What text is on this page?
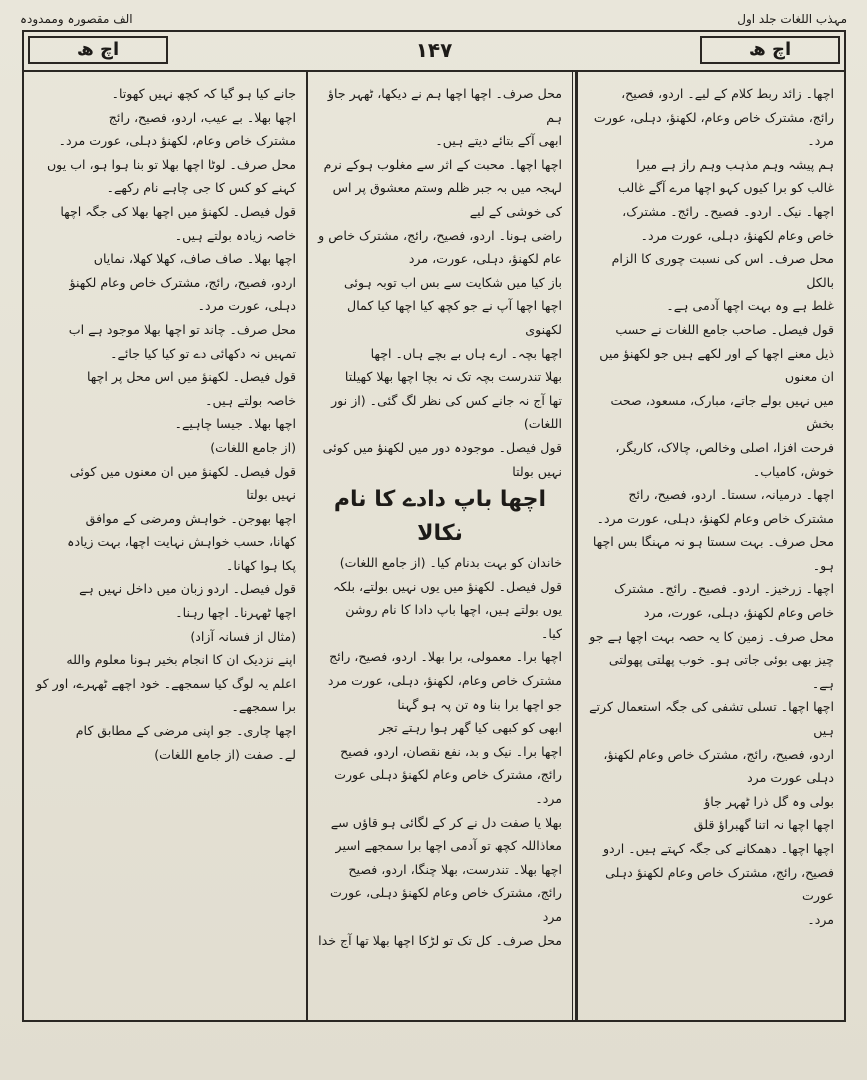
مہذب اللغات جلد اول
الف مقصورہ وممدودہ
اچ ھ
۱۴۷
اچ ھ

اچھا۔ زائد ربط کلام کے لیے۔ اردو، فصیح،

رائج، مشترک خاص وعام، لکھنؤ، دہلی، عورت

مرد۔

ہم پیشہ وہم مذہب وہم راز ہے میرا

غالب کو برا کیوں کہو اچھا مرے آگے غالب

اچھا۔ نیک۔ اردو۔ فصیح۔ رائج۔ مشترک،

خاص وعام لکھنؤ، دہلی، عورت مرد۔

محل صرف۔ اس کی نسبت چوری کا الزام بالکل

غلط ہے وہ بہت اچھا آدمی ہے۔

قول فیصل۔ صاحب جامع اللغات نے حسب

ذیل معنے اچھا کے اور لکھے ہیں جو لکھنؤ میں ان معنوں

میں نہیں بولے جاتے، مبارک، مسعود، صحت بخش

فرحت افزا، اصلی وخالص، چالاک، کاریگر،

خوش، کامیاب۔

اچھا۔ درمیانہ، سستا۔ اردو، فصیح، رائج

مشترک خاص وعام لکھنؤ، دہلی، عورت مرد۔

محل صرف۔ بہت سستا ہو نہ مہنگا بس اچھا ہو۔

اچھا۔ زرخیز۔ اردو۔ فصیح۔ رائج۔ مشترک

خاص وعام لکھنؤ، دہلی، عورت، مرد

محل صرف۔ زمین کا یہ حصہ بہت اچھا ہے جو

چیز بھی بوئی جاتی ہو۔ خوب پھلتی پھولتی ہے۔

اچھا اچھا۔ تسلی تشفی کی جگہ استعمال کرتے ہیں

اردو، فصیح، رائج، مشترک خاص وعام لکھنؤ،

دہلی عورت مرد

بولی وہ گل ذرا ٹھہر جاؤ

اچھا اچھا نہ اتنا گھبراؤ قلق

اچھا اچھا۔ دھمکانے کی جگہ کہتے ہیں۔ اردو

فصیح، رائج، مشترک خاص وعام لکھنؤ دہلی عورت

مرد۔

محل صرف۔ اچھا اچھا ہم نے دیکھا، ٹھہر جاؤ ہم

ابھی آکے بتائے دیتے ہیں۔

اچھا اچھا۔ محبت کے اثر سے مغلوب ہوکے نرم

لہجہ میں بہ جبر ظلم وستم معشوق پر اس کی خوشی کے لیے

راضی ہونا۔ اردو، فصیح، رائج، مشترک خاص و

عام لکھنؤ، دہلی، عورت، مرد

باز کیا میں شکایت سے بس اب توبہ ہوئی

اچھا اچھا آپ نے جو کچھ کیا اچھا کیا کمال لکھنوی

اچھا بچہ۔ ارے ہاں بے بچے ہاں۔ اچھا

بھلا تندرست بچہ تک نہ بچا اچھا بھلا کھیلتا

تھا آج نہ جانے کس کی نظر لگ گئی۔ (از نور اللغات)

قول فیصل۔ موجودہ دور میں لکھنؤ میں کوئی

نہیں بولتا

اچھا باپ دادے کا نام نکالا

خاندان کو بہت بدنام کیا۔ (از جامع اللغات)

قول فیصل۔ لکھنؤ میں یوں نہیں بولتے، بلکہ

یوں بولتے ہیں، اچھا باپ دادا کا نام روشن

کیا۔

اچھا برا۔ معمولی، برا بھلا۔ اردو، فصیح، رائج

مشترک خاص وعام، لکھنؤ، دہلی، عورت مرد

جو اچھا برا بنا وہ تن پہ ہو گہنا

ابھی کو کبھی کیا گھر ہوا رہتے تجر

اچھا برا۔ نیک و بد، نفع نقصان، اردو، فصیح

رائج، مشترک خاص وعام لکھنؤ دہلی عورت مرد۔

بھلا یا صفت دل نے کر کے لگائی ہو قاؤں سے

معاذاللہ کچھ تو آدمی اچھا برا سمجھے اسیر

اچھا بھلا۔ تندرست، بھلا چنگا، اردو، فصیح

رائج، مشترک خاص وعام لکھنؤ دہلی، عورت مرد

محل صرف۔ کل تک تو لڑکا اچھا بھلا تھا آج خدا

جانے کیا ہو گیا کہ کچھ نہیں کھوتا۔

اچھا بھلا۔ بے عیب، اردو، فصیح، رائج

مشترک خاص وعام، لکھنؤ دہلی، عورت مرد۔

محل صرف۔ لوٹا اچھا بھلا تو بنا ہوا ہو، اب یوں

کہنے کو کس کا جی چاہے نام رکھے۔

قول فیصل۔ لکھنؤ میں اچھا بھلا کی جگہ اچھا

خاصہ زیادہ بولتے ہیں۔

اچھا بھلا۔ صاف صاف، کھلا کھلا، نمایاں

اردو، فصیح، رائج، مشترک خاص وعام لکھنؤ

دہلی، عورت مرد۔

محل صرف۔ چاند تو اچھا بھلا موجود ہے اب

تمہیں نہ دکھائی دے تو کیا کیا جائے۔

قول فیصل۔ لکھنؤ میں اس محل پر اچھا

خاصہ بولتے ہیں۔

اچھا بھلا۔ جیسا چاہیے۔

(از جامع اللغات)

قول فیصل۔ لکھنؤ میں ان معنوں میں کوئی

نہیں بولتا

اچھا بھوجن۔ خواہش ومرضی کے موافق

کھانا، حسب خواہش نہایت اچھا، بہت زیادہ

پکا ہوا کھانا۔

قول فیصل۔ اردو زبان میں داخل نہیں ہے

اچھا ٹھہرنا۔ اچھا رہنا۔

(مثال از فسانہ آزاد)

اپنے نزدیک ان کا انجام بخیر ہونا معلوم والله

اعلم یہ لوگ کیا سمجھے۔ خود اچھے ٹھہرے، اور کو

برا سمجھے۔

اچھا چاری۔ جو اپنی مرضی کے مطابق کام

لے۔ صفت (از جامع اللغات)
